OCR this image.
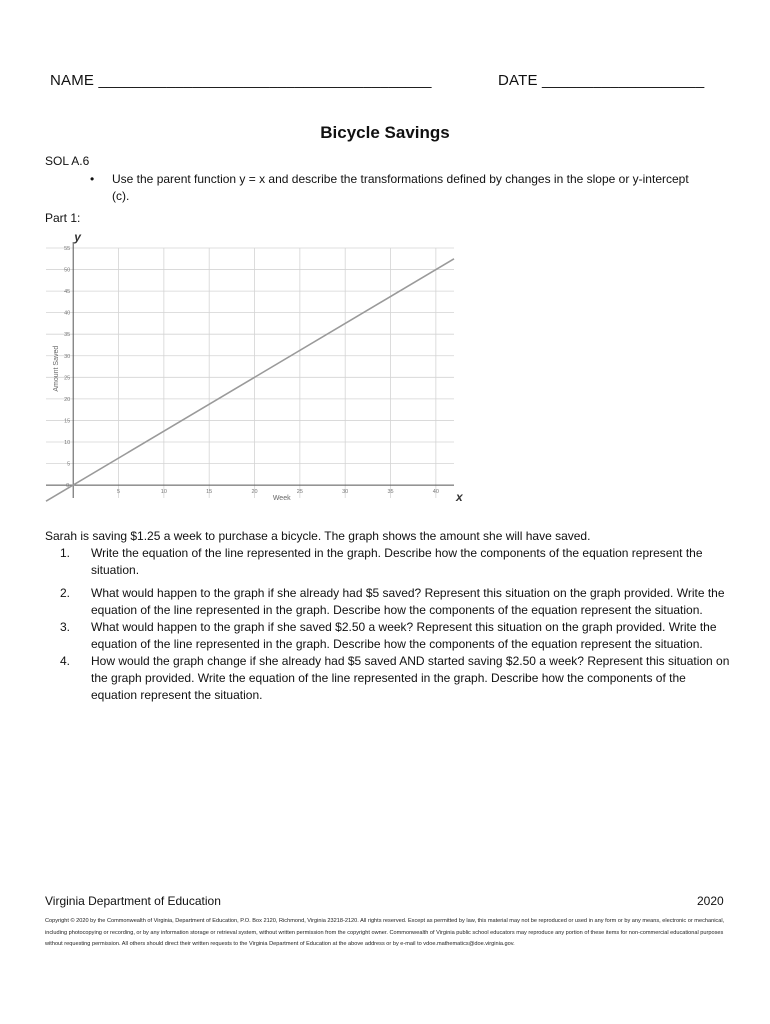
NAME _______________________________________	DATE ___________________
Bicycle Savings
SOL A.6
•	Use the parent function y = x and describe the transformations defined by changes in the slope or y-intercept (c).
Part 1:
5	10	15	20	25	30	35	40
5
10
15
20
25
30
35
40
45
50
55
y
x
Week
Amount Saved
0
Sarah is saving $1.25 a week to purchase a bicycle. The graph shows the amount she will have saved.
1.	Write the equation of the line represented in the graph. Describe how the components of the equation represent the situation.
2.	What would happen to the graph if she already had $5 saved? Represent this situation on the graph provided. Write the equation of the line represented in the graph. Describe how the components of the equation represent the situation.
3.	What would happen to the graph if she saved $2.50 a week? Represent this situation on the graph provided. Write the equation of the line represented in the graph. Describe how the components of the equation represent the situation.
4.	How would the graph change if she already had $5 saved AND started saving $2.50 a week? Represent this situation on the graph provided. Write the equation of the line represented in the graph. Describe how the components of the equation represent the situation.
Virginia Department of Education	2020
Copyright © 2020 by the Commonwealth of Virginia, Department of Education, P.O. Box 2120, Richmond, Virginia 23218-2120. All rights reserved. Except as permitted by law, this material may not be reproduced or used in any form or by any means, electronic or mechanical, including photocopying or recording, or by any information storage or retrieval system, without written permission from the copyright owner. Commonwealth of Virginia public school educators may reproduce any portion of these items for non-commercial educational purposes without requesting permission. All others should direct their written requests to the Virginia Department of Education at the above address or by e-mail to vdoe.mathematics@doe.virginia.gov.
